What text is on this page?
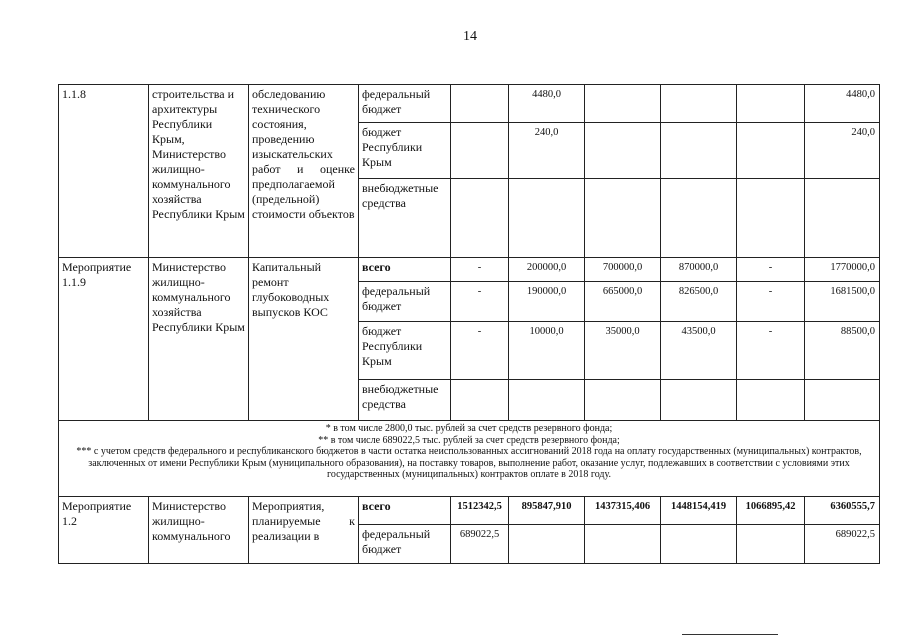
14
1.1.8	строительства и архитектуры Республики Крым, Министерство жилищно-коммунального хозяйства Республики Крым	обследованию технического состояния, проведению изыскательских работ и оценке предполагаемой (предельной) стоимости объектов	федеральный бюджет		4480,0				4480,0
			бюджет Республики Крым		240,0				240,0
			внебюджетные средства						
Мероприятие 1.1.9	Министерство жилищно-коммунального хозяйства Республики Крым	Капитальный ремонт глубоководных выпусков КОС	всего	-	200000,0	700000,0	870000,0	-	1770000,0
			федеральный бюджет	-	190000,0	665000,0	826500,0	-	1681500,0
			бюджет Республики Крым	-	10000,0	35000,0	43500,0	-	88500,0
			внебюджетные средства						

* в том числе 2800,0 тыс. рублей за счет средств резервного фонда;
** в том числе 689022,5 тыс. рублей за счет средств резервного фонда;
*** с учетом средств федерального и республиканского бюджетов в части остатка неиспользованных ассигнований 2018 года на оплату государственных (муниципальных) контрактов, заключенных от имени Республики Крым (муниципального образования), на поставку товаров, выполнение работ, оказание услуг, подлежавших в соответствии с условиями этих государственных (муниципальных) контрактов оплате в 2018 году.									

Мероприятие 1.2	Министерство жилищно-коммунального	Мероприятия, планируемые к реализации в	всего	1512342,5	895847,910	1437315,406	1448154,419	1066895,42	6360555,7
			федеральный бюджет	689022,5					689022,5
